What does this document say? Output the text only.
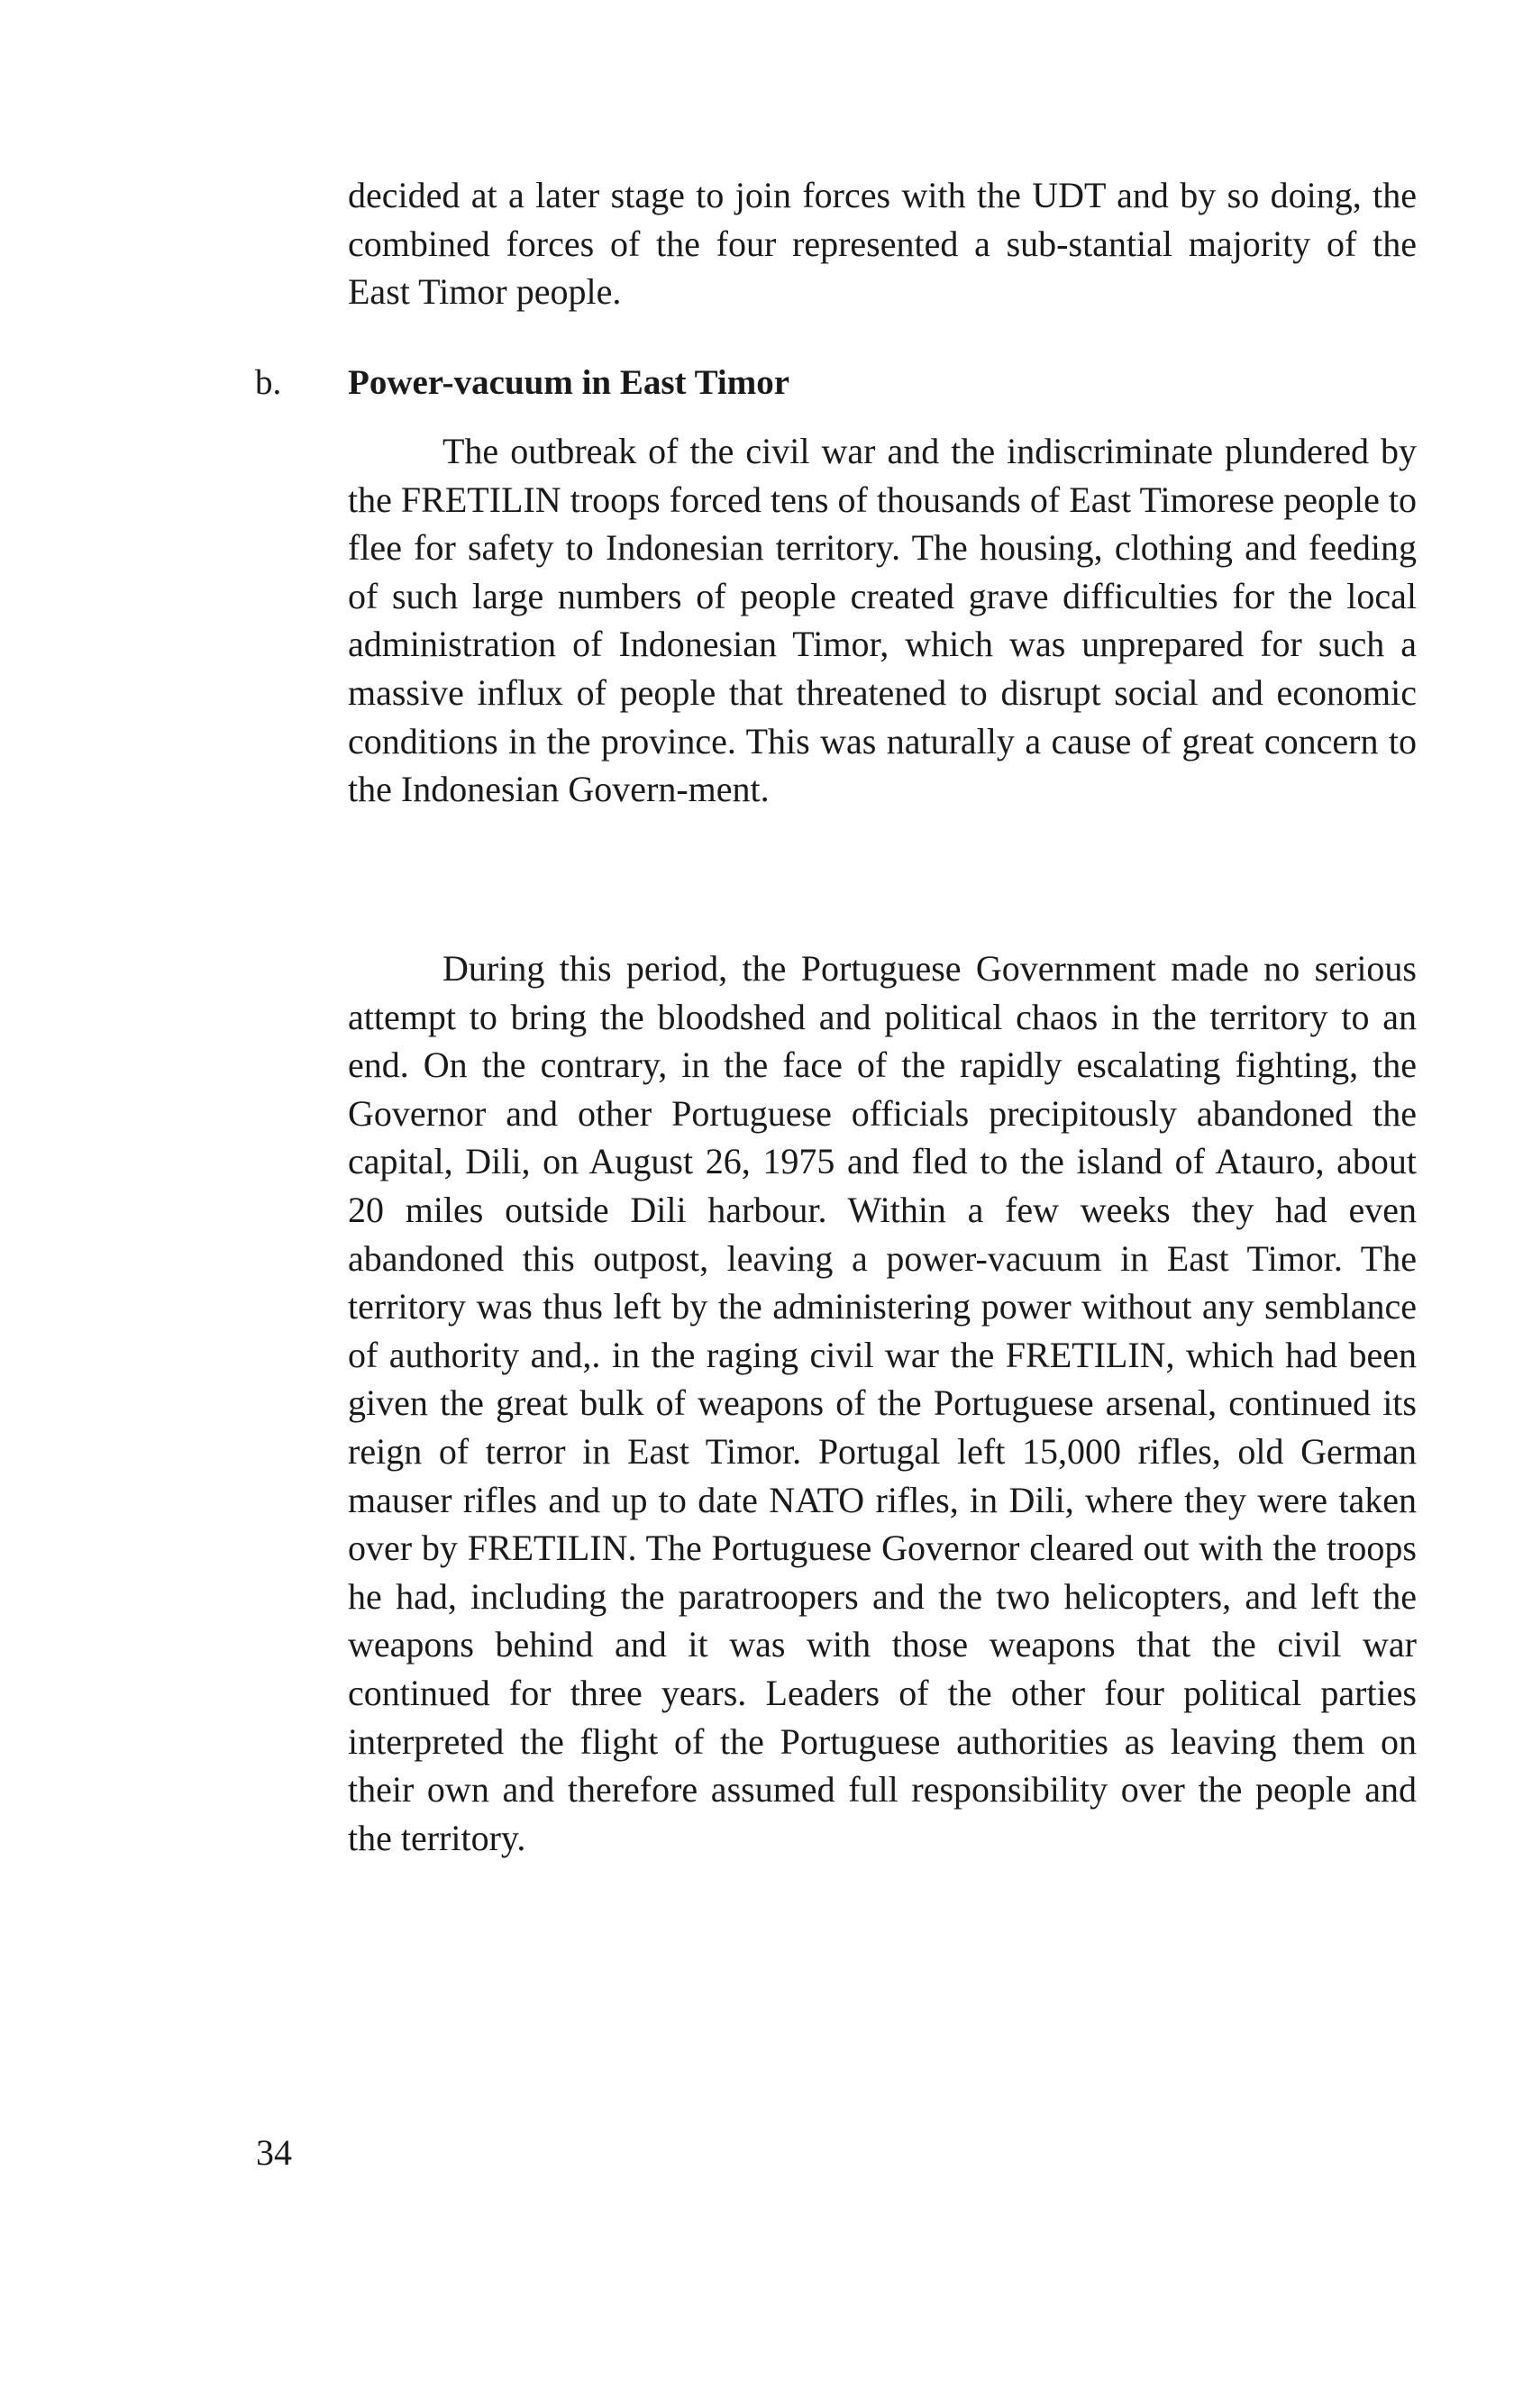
decided at a later stage to join forces with the UDT and by so doing, the combined forces of the four represented a sub-stantial majority of the East Timor people.

b. Power-vacuum in East Timor

The outbreak of the civil war and the indiscriminate plundered by the FRETILIN troops forced tens of thousands of East Timorese people to flee for safety to Indonesian territory. The housing, clothing and feeding of such large numbers of people created grave difficulties for the local administration of Indonesian Timor, which was unprepared for such a massive influx of people that threatened to disrupt social and economic conditions in the province. This was naturally a cause of great concern to the Indonesian Govern-ment.

During this period, the Portuguese Government made no serious attempt to bring the bloodshed and political chaos in the territory to an end. On the contrary, in the face of the rapidly escalating fighting, the Governor and other Portuguese officials precipitously abandoned the capital, Dili, on August 26, 1975 and fled to the island of Atauro, about 20 miles outside Dili harbour. Within a few weeks they had even abandoned this outpost, leaving a power-vacuum in East Timor. The territory was thus left by the administering power without any semblance of authority and,. in the raging civil war the FRETILIN, which had been given the great bulk of weapons of the Portuguese arsenal, continued its reign of terror in East Timor. Portugal left 15,000 rifles, old German mauser rifles and up to date NATO rifles, in Dili, where they were taken over by FRETILIN. The Portuguese Governor cleared out with the troops he had, including the paratroopers and the two helicopters, and left the weapons behind and it was with those weapons that the civil war continued for three years. Leaders of the other four political parties interpreted the flight of the Portuguese authorities as leaving them on their own and therefore assumed full responsibility over the people and the territory.

34
